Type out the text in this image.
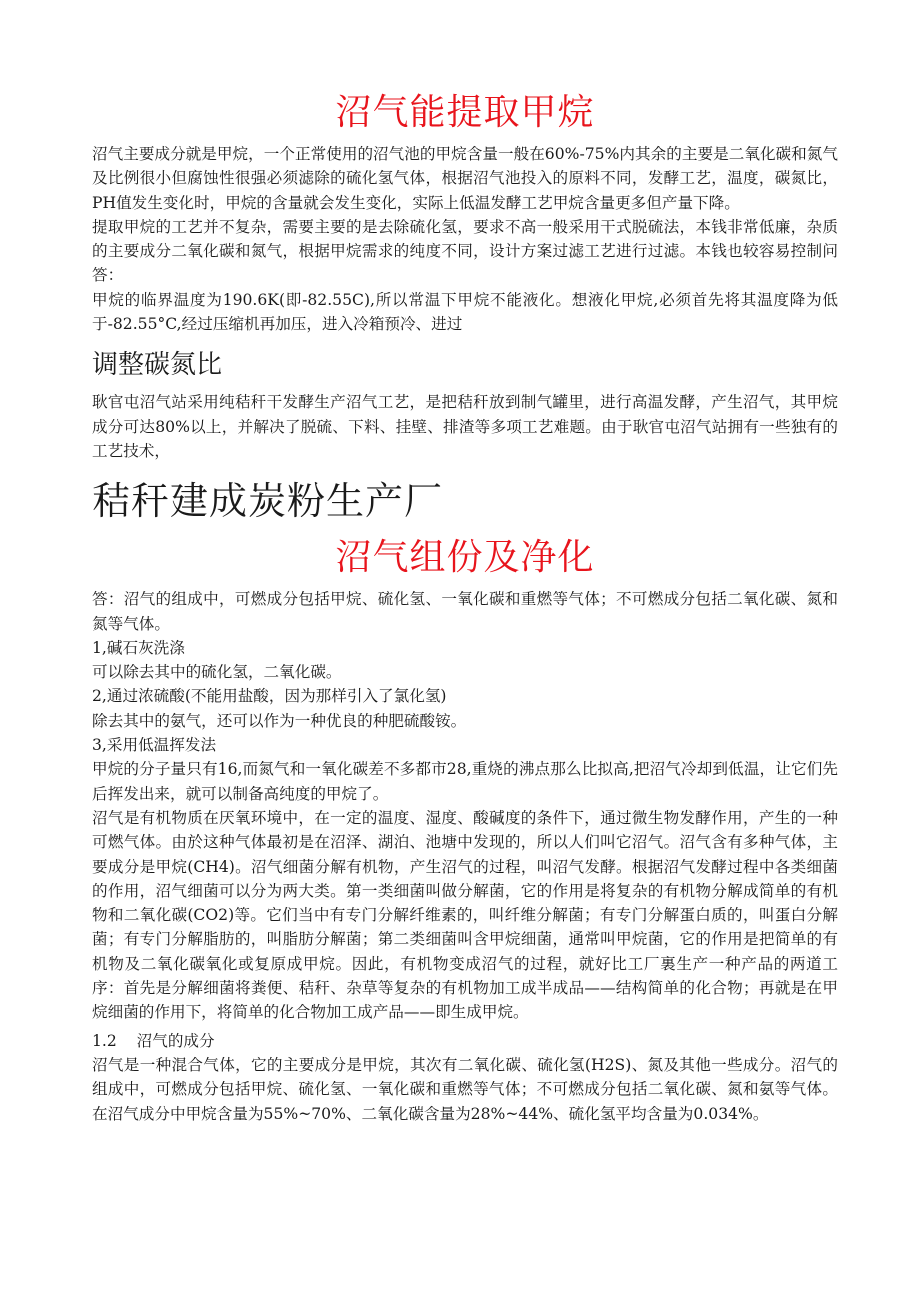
沼气能提取甲烷

沼气主要成分就是甲烷，一个正常使用的沼气池的甲烷含量一般在60%-75%内其余的主要是二氧化碳和氮气及比例很小但腐蚀性很强必须滤除的硫化氢气体，根据沼气池投入的原料不同，发酵工艺，温度，碳氮比，PH值发生变化时，甲烷的含量就会发生变化，实际上低温发酵工艺甲烷含量更多但产量下降。

提取甲烷的工艺并不复杂，需要主要的是去除硫化氢，要求不高一般采用干式脱硫法，本钱非常低廉，杂质的主要成分二氧化碳和氮气，根据甲烷需求的纯度不同，设计方案过滤工艺进行过滤。本钱也较容易控制问答：

甲烷的临界温度为190.6K(即-82.55C),所以常温下甲烷不能液化。想液化甲烷,必须首先将其温度降为低于-82.55°C,经过压缩机再加压，进入冷箱预冷、进过

调整碳氮比

耿官屯沼气站采用纯秸秆干发酵生产沼气工艺，是把秸秆放到制气罐里，进行高温发酵，产生沼气，其甲烷成分可达80%以上，并解决了脱硫、下料、挂壁、排渣等多项工艺难题。由于耿官屯沼气站拥有一些独有的工艺技术，

秸秆建成炭粉生产厂
沼气组份及净化

答：沼气的组成中，可燃成分包括甲烷、硫化氢、一氧化碳和重燃等气体；不可燃成分包括二氧化碳、氮和氮等气体。

1,碱石灰洗涤

可以除去其中的硫化氢，二氧化碳。

2,通过浓硫酸(不能用盐酸，因为那样引入了氯化氢)

除去其中的氨气，还可以作为一种优良的种肥硫酸铵。

3,采用低温挥发法

甲烷的分子量只有16,而氮气和一氧化碳差不多都市28,重烧的沸点那么比拟高,把沼气冷却到低温，让它们先后挥发出来，就可以制备高纯度的甲烷了。

沼气是有机物质在厌氧环境中，在一定的温度、湿度、酸碱度的条件下，通过微生物发酵作用，产生的一种可燃气体。由於这种气体最初是在沼泽、湖泊、池塘中发现的，所以人们叫它沼气。沼气含有多种气体，主要成分是甲烷(CH4)。沼气细菌分解有机物，产生沼气的过程，叫沼气发酵。根据沼气发酵过程中各类细菌的作用，沼气细菌可以分为两大类。第一类细菌叫做分解菌，它的作用是将复杂的有机物分解成简单的有机物和二氧化碳(CO2)等。它们当中有专门分解纤维素的，叫纤维分解菌；有专门分解蛋白质的，叫蛋白分解菌；有专门分解脂肪的，叫脂肪分解菌；第二类细菌叫含甲烷细菌，通常叫甲烷菌，它的作用是把简单的有机物及二氧化碳氧化或复原成甲烷。因此，有机物变成沼气的过程，就好比工厂裏生产一种产品的两道工序：首先是分解细菌将粪便、秸秆、杂草等复杂的有机物加工成半成品——结构简单的化合物；再就是在甲烷细菌的作用下，将简单的化合物加工成产品——即生成甲烷。

1.2    沼气的成分

沼气是一种混合气体，它的主要成分是甲烷，其次有二氧化碳、硫化氢(H2S)、氮及其他一些成分。沼气的组成中，可燃成分包括甲烷、硫化氢、一氧化碳和重燃等气体；不可燃成分包括二氧化碳、氮和氨等气体。在沼气成分中甲烷含量为55%~70%、二氧化碳含量为28%~44%、硫化氢平均含量为0.034%。
